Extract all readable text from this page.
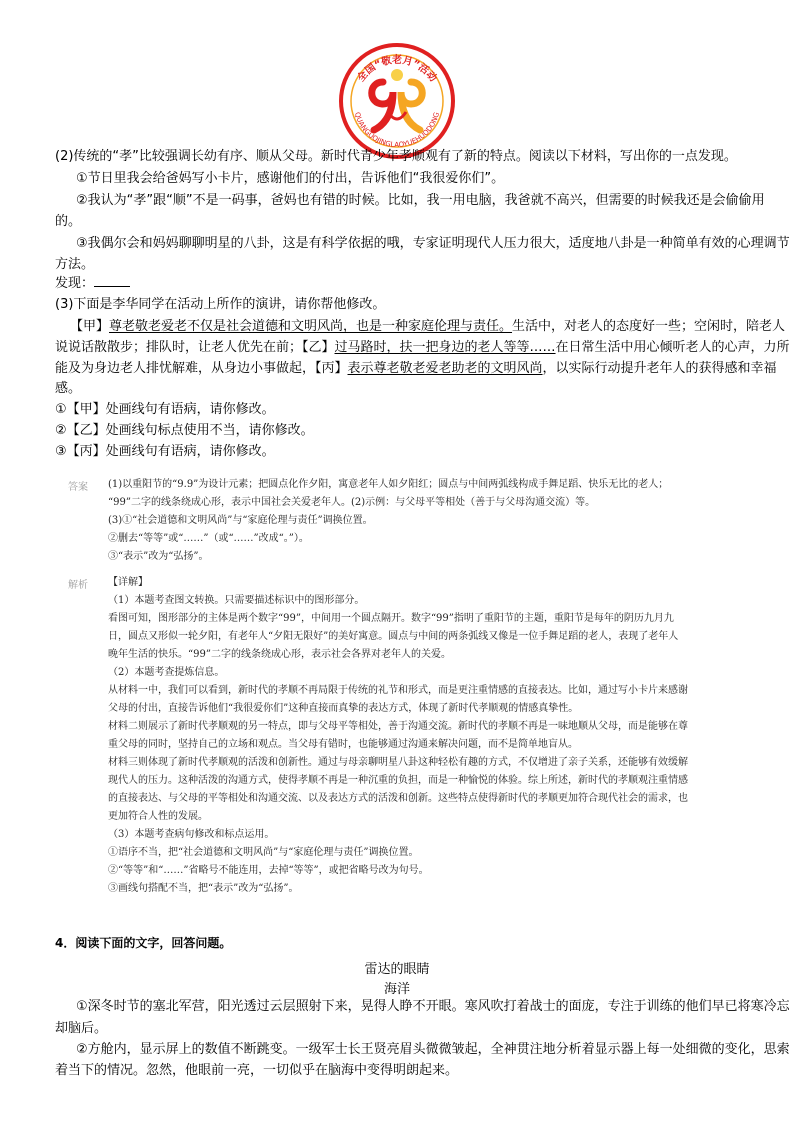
全国“敬老月”活动
QUANGUOJINGLAOYUEHUODONG
(2)传统的“孝”比较强调长幼有序、顺从父母。新时代青少年孝顺观有了新的特点。阅读以下材料，写出你的一点发现。
①节日里我会给爸妈写小卡片，感谢他们的付出，告诉他们“我很爱你们”。
②我认为“孝”跟“顺”不是一码事，爸妈也有错的时候。比如，我一用电脑，我爸就不高兴，但需要的时候我还是会偷偷用
的。
③我偶尔会和妈妈聊聊明星的八卦，这是有科学依据的哦，专家证明现代人压力很大，适度地八卦是一种简单有效的心理调节
方法。
发现：
(3)下面是李华同学在活动上所作的演讲，请你帮他修改。
【甲】尊老敬老爱老不仅是社会道德和文明风尚，也是一种家庭伦理与责任。生活中，对老人的态度好一些；空闲时，陪老人
说说话散散步；排队时，让老人优先在前；【乙】过马路时，扶一把身边的老人等等……在日常生活中用心倾听老人的心声，力所
能及为身边老人排忧解难，从身边小事做起，【丙】表示尊老敬老爱老助老的文明风尚，以实际行动提升老年人的获得感和幸福
感。
①【甲】处画线句有语病，请你修改。
②【乙】处画线句标点使用不当，请你修改。
③【丙】处画线句有语病，请你修改。
答案 (1)以重阳节的“9.9”为设计元素；把圆点化作夕阳，寓意老年人如夕阳红；圆点与中间两弧线构成手舞足蹈、快乐无比的老人；
“99”二字的线条绕成心形，表示中国社会关爱老年人。(2)示例：与父母平等相处（善于与父母沟通交流）等。
(3)①“社会道德和文明风尚”与“家庭伦理与责任”调换位置。
②删去“等等”或“……”（或“……”改成“。”）。
③“表示”改为“弘扬”。
解析 【详解】
（1）本题考查图文转换。只需要描述标识中的图形部分。
看图可知，图形部分的主体是两个数字“99”，中间用一个圆点隔开。数字“99”指明了重阳节的主题，重阳节是每年的阴历九月九
日，圆点又形似一轮夕阳，有老年人“夕阳无限好”的美好寓意。圆点与中间的两条弧线又像是一位手舞足蹈的老人，表现了老年人
晚年生活的快乐。“99”二字的线条绕成心形，表示社会各界对老年人的关爱。
（2）本题考查提炼信息。
从材料一中，我们可以看到，新时代的孝顺不再局限于传统的礼节和形式，而是更注重情感的直接表达。比如，通过写小卡片来感谢
父母的付出，直接告诉他们“我很爱你们”这种直接而真挚的表达方式，体现了新时代孝顺观的情感真挚性。
材料二则展示了新时代孝顺观的另一特点，即与父母平等相处，善于沟通交流。新时代的孝顺不再是一味地顺从父母，而是能够在尊
重父母的同时，坚持自己的立场和观点。当父母有错时，也能够通过沟通来解决问题，而不是简单地盲从。
材料三则体现了新时代孝顺观的活泼和创新性。通过与母亲聊明星八卦这种轻松有趣的方式，不仅增进了亲子关系，还能够有效缓解
现代人的压力。这种活泼的沟通方式，使得孝顺不再是一种沉重的负担，而是一种愉悦的体验。综上所述，新时代的孝顺观注重情感
的直接表达、与父母的平等相处和沟通交流、以及表达方式的活泼和创新。这些特点使得新时代的孝顺更加符合现代社会的需求，也
更加符合人性的发展。
（3）本题考查病句修改和标点运用。
①语序不当，把“社会道德和文明风尚”与“家庭伦理与责任”调换位置。
②“等等”和“……”省略号不能连用，去掉“等等”，或把省略号改为句号。
③画线句搭配不当，把“表示”改为“弘扬”。
4．阅读下面的文字，回答问题。
雷达的眼睛
海洋
①深冬时节的塞北军营，阳光透过云层照射下来，晃得人睁不开眼。寒风吹打着战士的面庞，专注于训练的他们早已将寒冷忘
却脑后。
②方舱内，显示屏上的数值不断跳变。一级军士长王贤亮眉头微微皱起，全神贯注地分析着显示器上每一处细微的变化，思索
着当下的情况。忽然，他眼前一亮，一切似乎在脑海中变得明朗起来。
